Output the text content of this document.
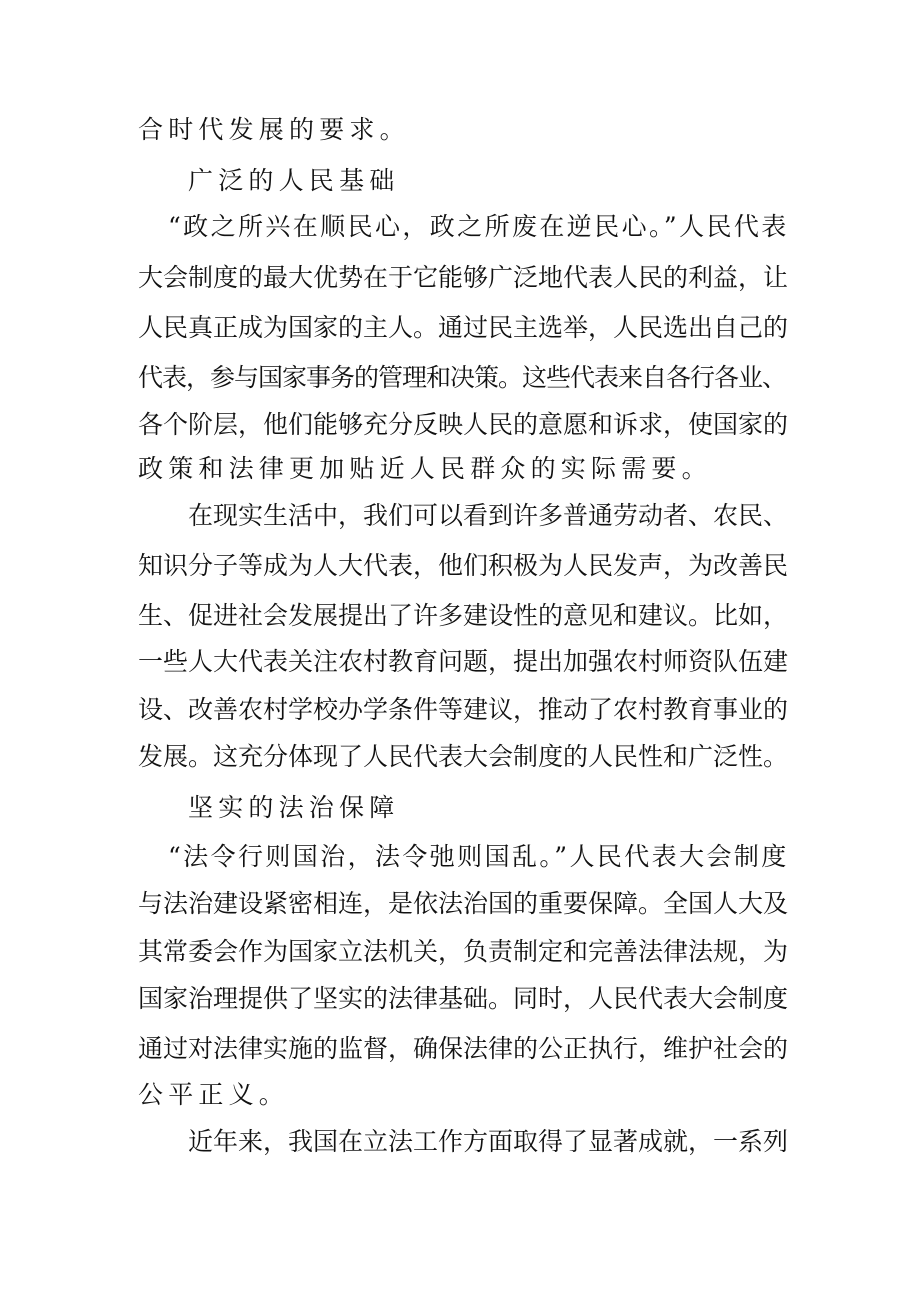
合时代发展的要求。

广泛的人民基础

“政之所兴在顺民心，政之所废在逆民心。”人民代表

大会制度的最大优势在于它能够广泛地代表人民的利益，让

人民真正成为国家的主人。通过民主选举，人民选出自己的

代表，参与国家事务的管理和决策。这些代表来自各行各业、

各个阶层，他们能够充分反映人民的意愿和诉求，使国家的

政策和法律更加贴近人民群众的实际需要。

在现实生活中，我们可以看到许多普通劳动者、农民、

知识分子等成为人大代表，他们积极为人民发声，为改善民

生、促进社会发展提出了许多建设性的意见和建议。比如，

一些人大代表关注农村教育问题，提出加强农村师资队伍建

设、改善农村学校办学条件等建议，推动了农村教育事业的

发展。这充分体现了人民代表大会制度的人民性和广泛性。

坚实的法治保障

“法令行则国治，法令弛则国乱。”人民代表大会制度

与法治建设紧密相连，是依法治国的重要保障。全国人大及

其常委会作为国家立法机关，负责制定和完善法律法规，为

国家治理提供了坚实的法律基础。同时，人民代表大会制度

通过对法律实施的监督，确保法律的公正执行，维护社会的

公平正义。

近年来，我国在立法工作方面取得了显著成就，一系列
